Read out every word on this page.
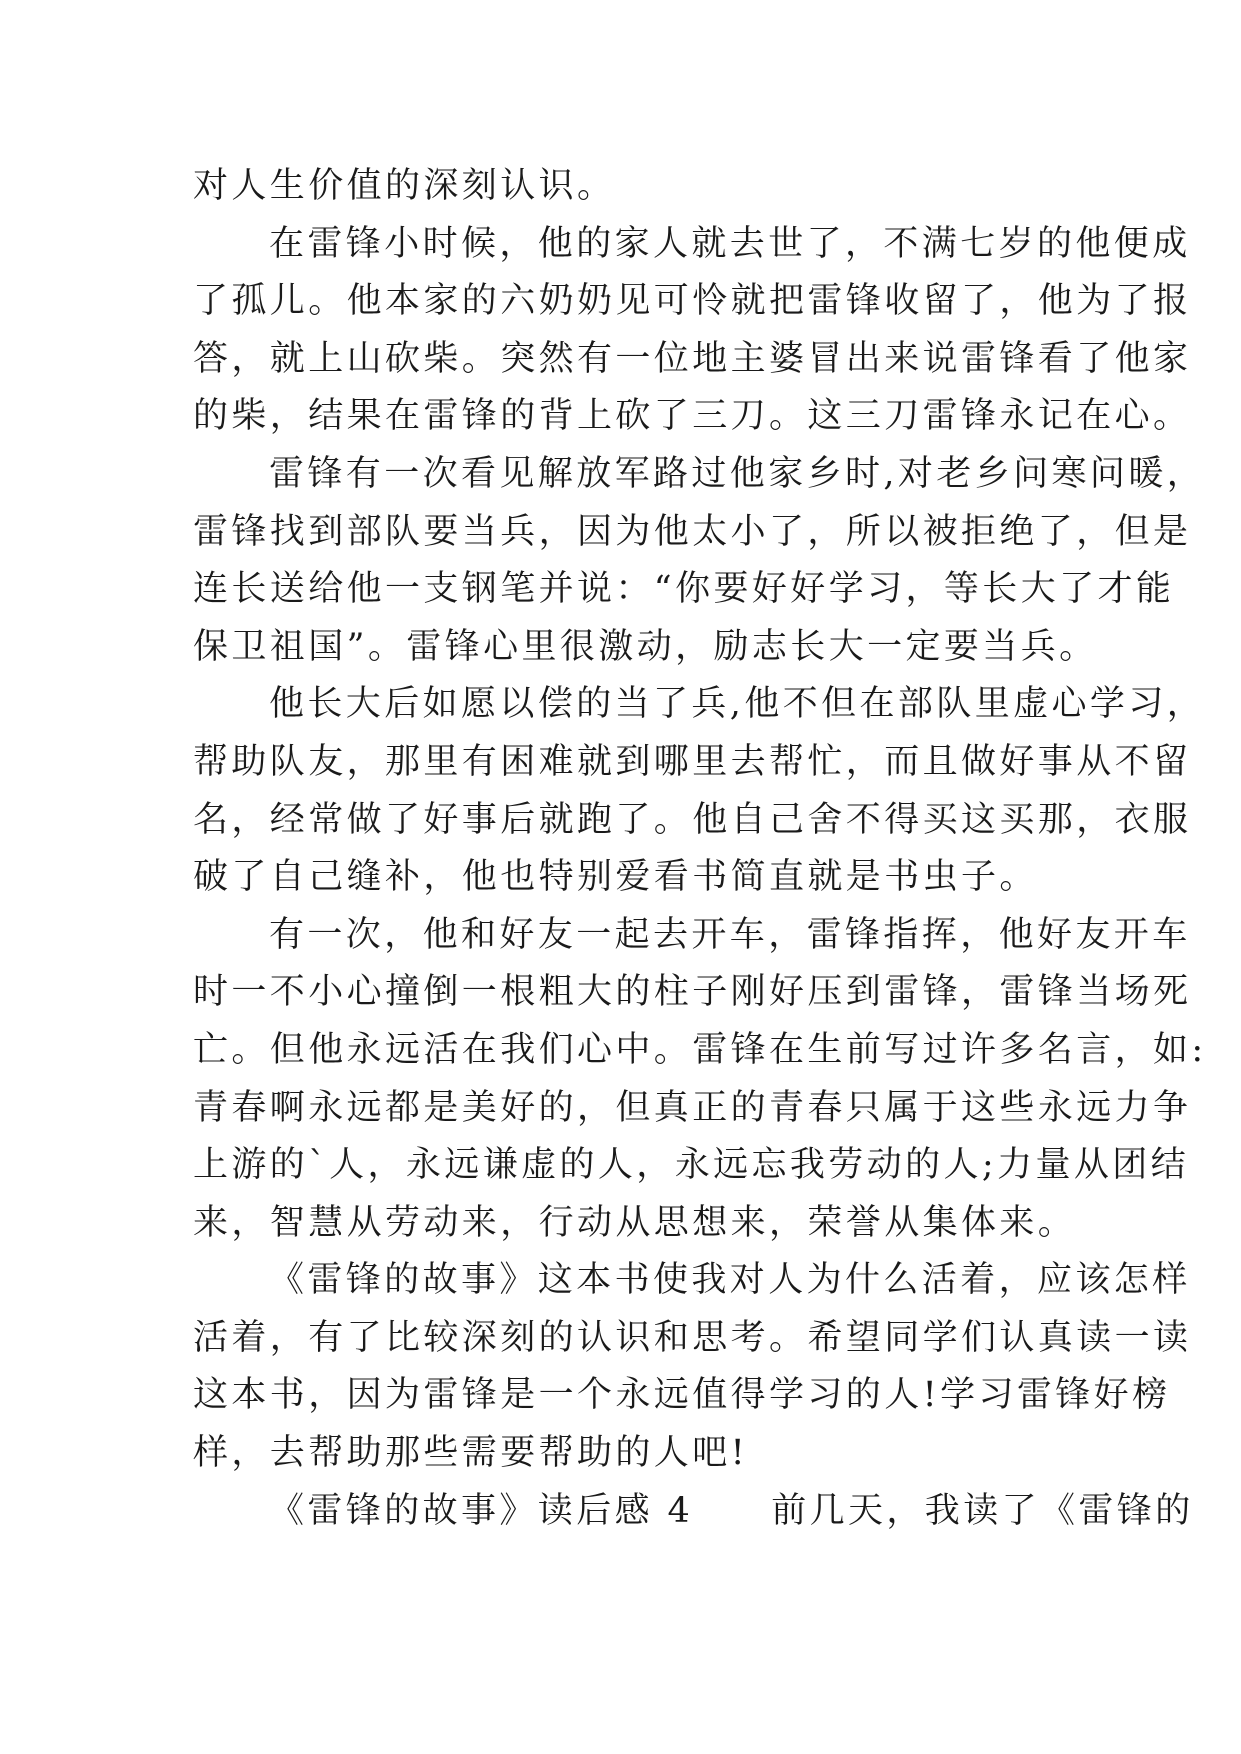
对人生价值的深刻认识。
在雷锋小时候，他的家人就去世了，不满七岁的他便成
了孤儿。他本家的六奶奶见可怜就把雷锋收留了，他为了报
答，就上山砍柴。突然有一位地主婆冒出来说雷锋看了他家
的柴，结果在雷锋的背上砍了三刀。这三刀雷锋永记在心。
雷锋有一次看见解放军路过他家乡时,对老乡问寒问暖，
雷锋找到部队要当兵，因为他太小了，所以被拒绝了，但是
连长送给他一支钢笔并说：“你要好好学习，等长大了才能
保卫祖国”。雷锋心里很激动，励志长大一定要当兵。
他长大后如愿以偿的当了兵,他不但在部队里虚心学习，
帮助队友，那里有困难就到哪里去帮忙，而且做好事从不留
名，经常做了好事后就跑了。他自己舍不得买这买那，衣服
破了自己缝补，他也特别爱看书简直就是书虫子。
有一次，他和好友一起去开车，雷锋指挥，他好友开车
时一不小心撞倒一根粗大的柱子刚好压到雷锋，雷锋当场死
亡。但他永远活在我们心中。雷锋在生前写过许多名言，如:
青春啊永远都是美好的，但真正的青春只属于这些永远力争
上游的`人，永远谦虚的人，永远忘我劳动的人;力量从团结
来，智慧从劳动来，行动从思想来，荣誉从集体来。
《雷锋的故事》这本书使我对人为什么活着，应该怎样
活着，有了比较深刻的认识和思考。希望同学们认真读一读
这本书，因为雷锋是一个永远值得学习的人!学习雷锋好榜
样，去帮助那些需要帮助的人吧!
《雷锋的故事》读后感 4 前几天，我读了《雷锋的
